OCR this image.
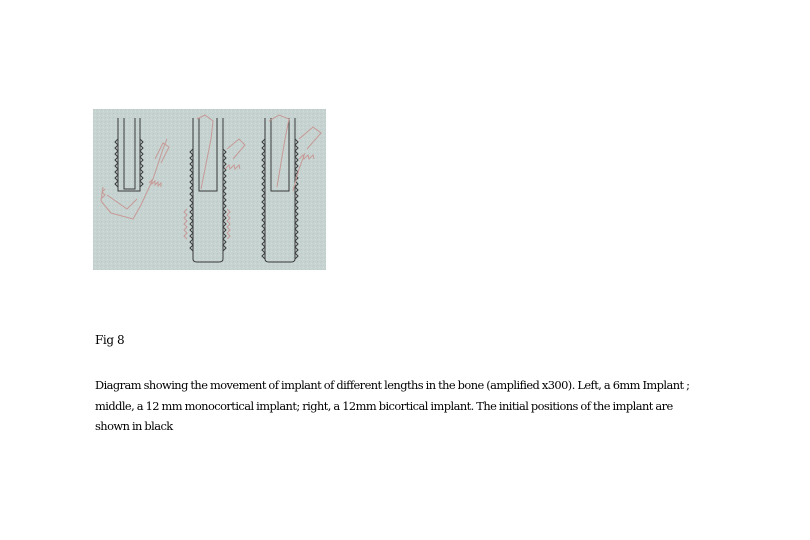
Fig 8

Diagram showing the movement of implant of different lengths in the bone (amplified x300). Left, a 6mm Implant ; middle, a 12 mm monocortical implant; right, a 12mm bicortical implant. The initial positions of the implant are shown in black
